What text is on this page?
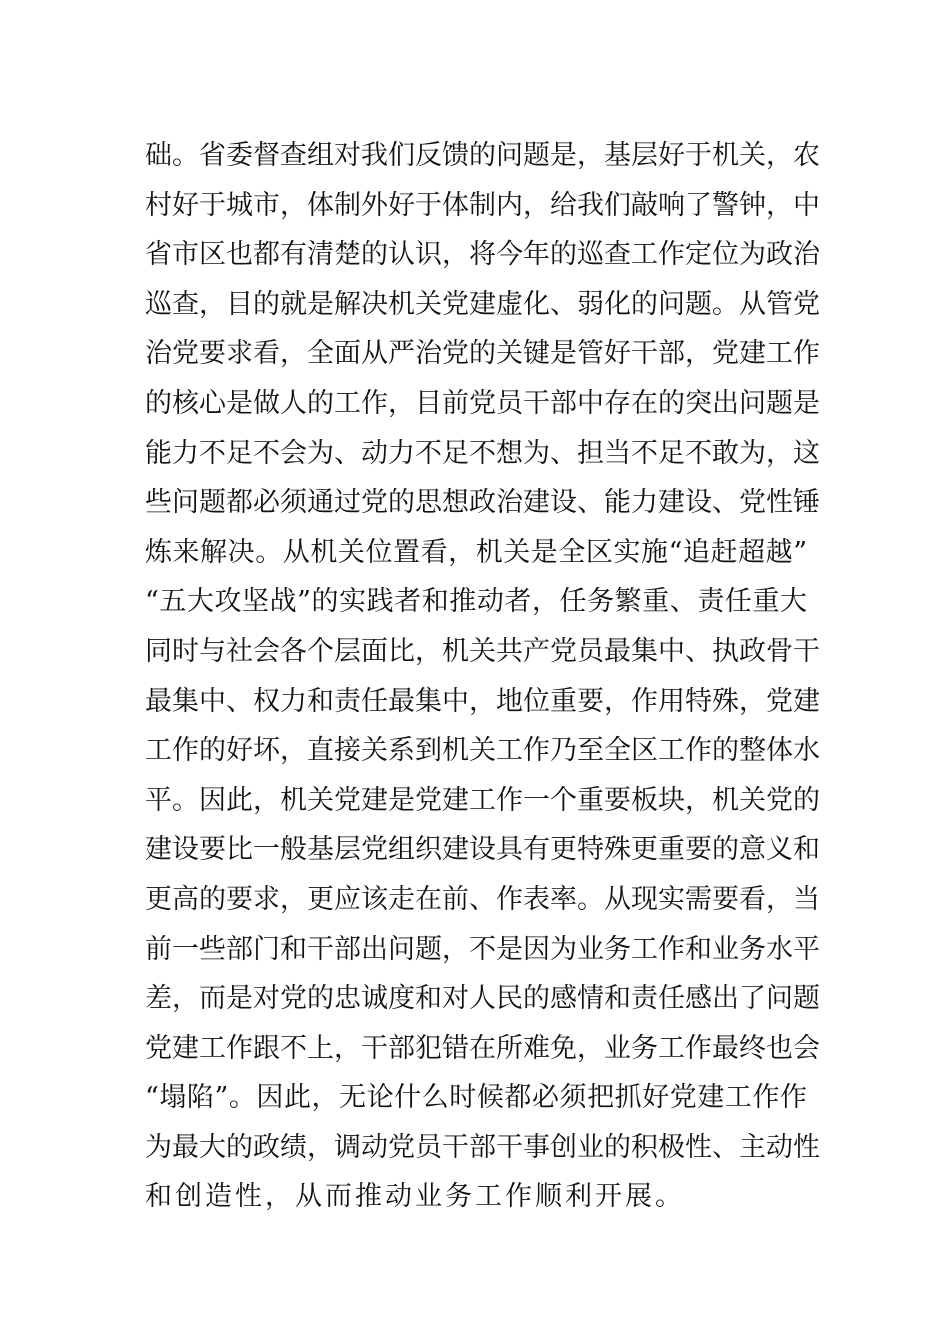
础。省委督查组对我们反馈的问题是，基层好于机关，农
村好于城市，体制外好于体制内，给我们敲响了警钟，中
省市区也都有清楚的认识，将今年的巡查工作定位为政治
巡查，目的就是解决机关党建虚化、弱化的问题。从管党
治党要求看，全面从严治党的关键是管好干部，党建工作
的核心是做人的工作，目前党员干部中存在的突出问题是
能力不足不会为、动力不足不想为、担当不足不敢为，这
些问题都必须通过党的思想政治建设、能力建设、党性锤
炼来解决。从机关位置看，机关是全区实施“追赶超越”
“五大攻坚战”的实践者和推动者，任务繁重、责任重大
同时与社会各个层面比，机关共产党员最集中、执政骨干
最集中、权力和责任最集中，地位重要，作用特殊，党建
工作的好坏，直接关系到机关工作乃至全区工作的整体水
平。因此，机关党建是党建工作一个重要板块，机关党的
建设要比一般基层党组织建设具有更特殊更重要的意义和
更高的要求，更应该走在前、作表率。从现实需要看，当
前一些部门和干部出问题，不是因为业务工作和业务水平
差，而是对党的忠诚度和对人民的感情和责任感出了问题
党建工作跟不上，干部犯错在所难免，业务工作最终也会
“塌陷”。因此，无论什么时候都必须把抓好党建工作作
为最大的政绩，调动党员干部干事创业的积极性、主动性
和创造性，从而推动业务工作顺利开展。
